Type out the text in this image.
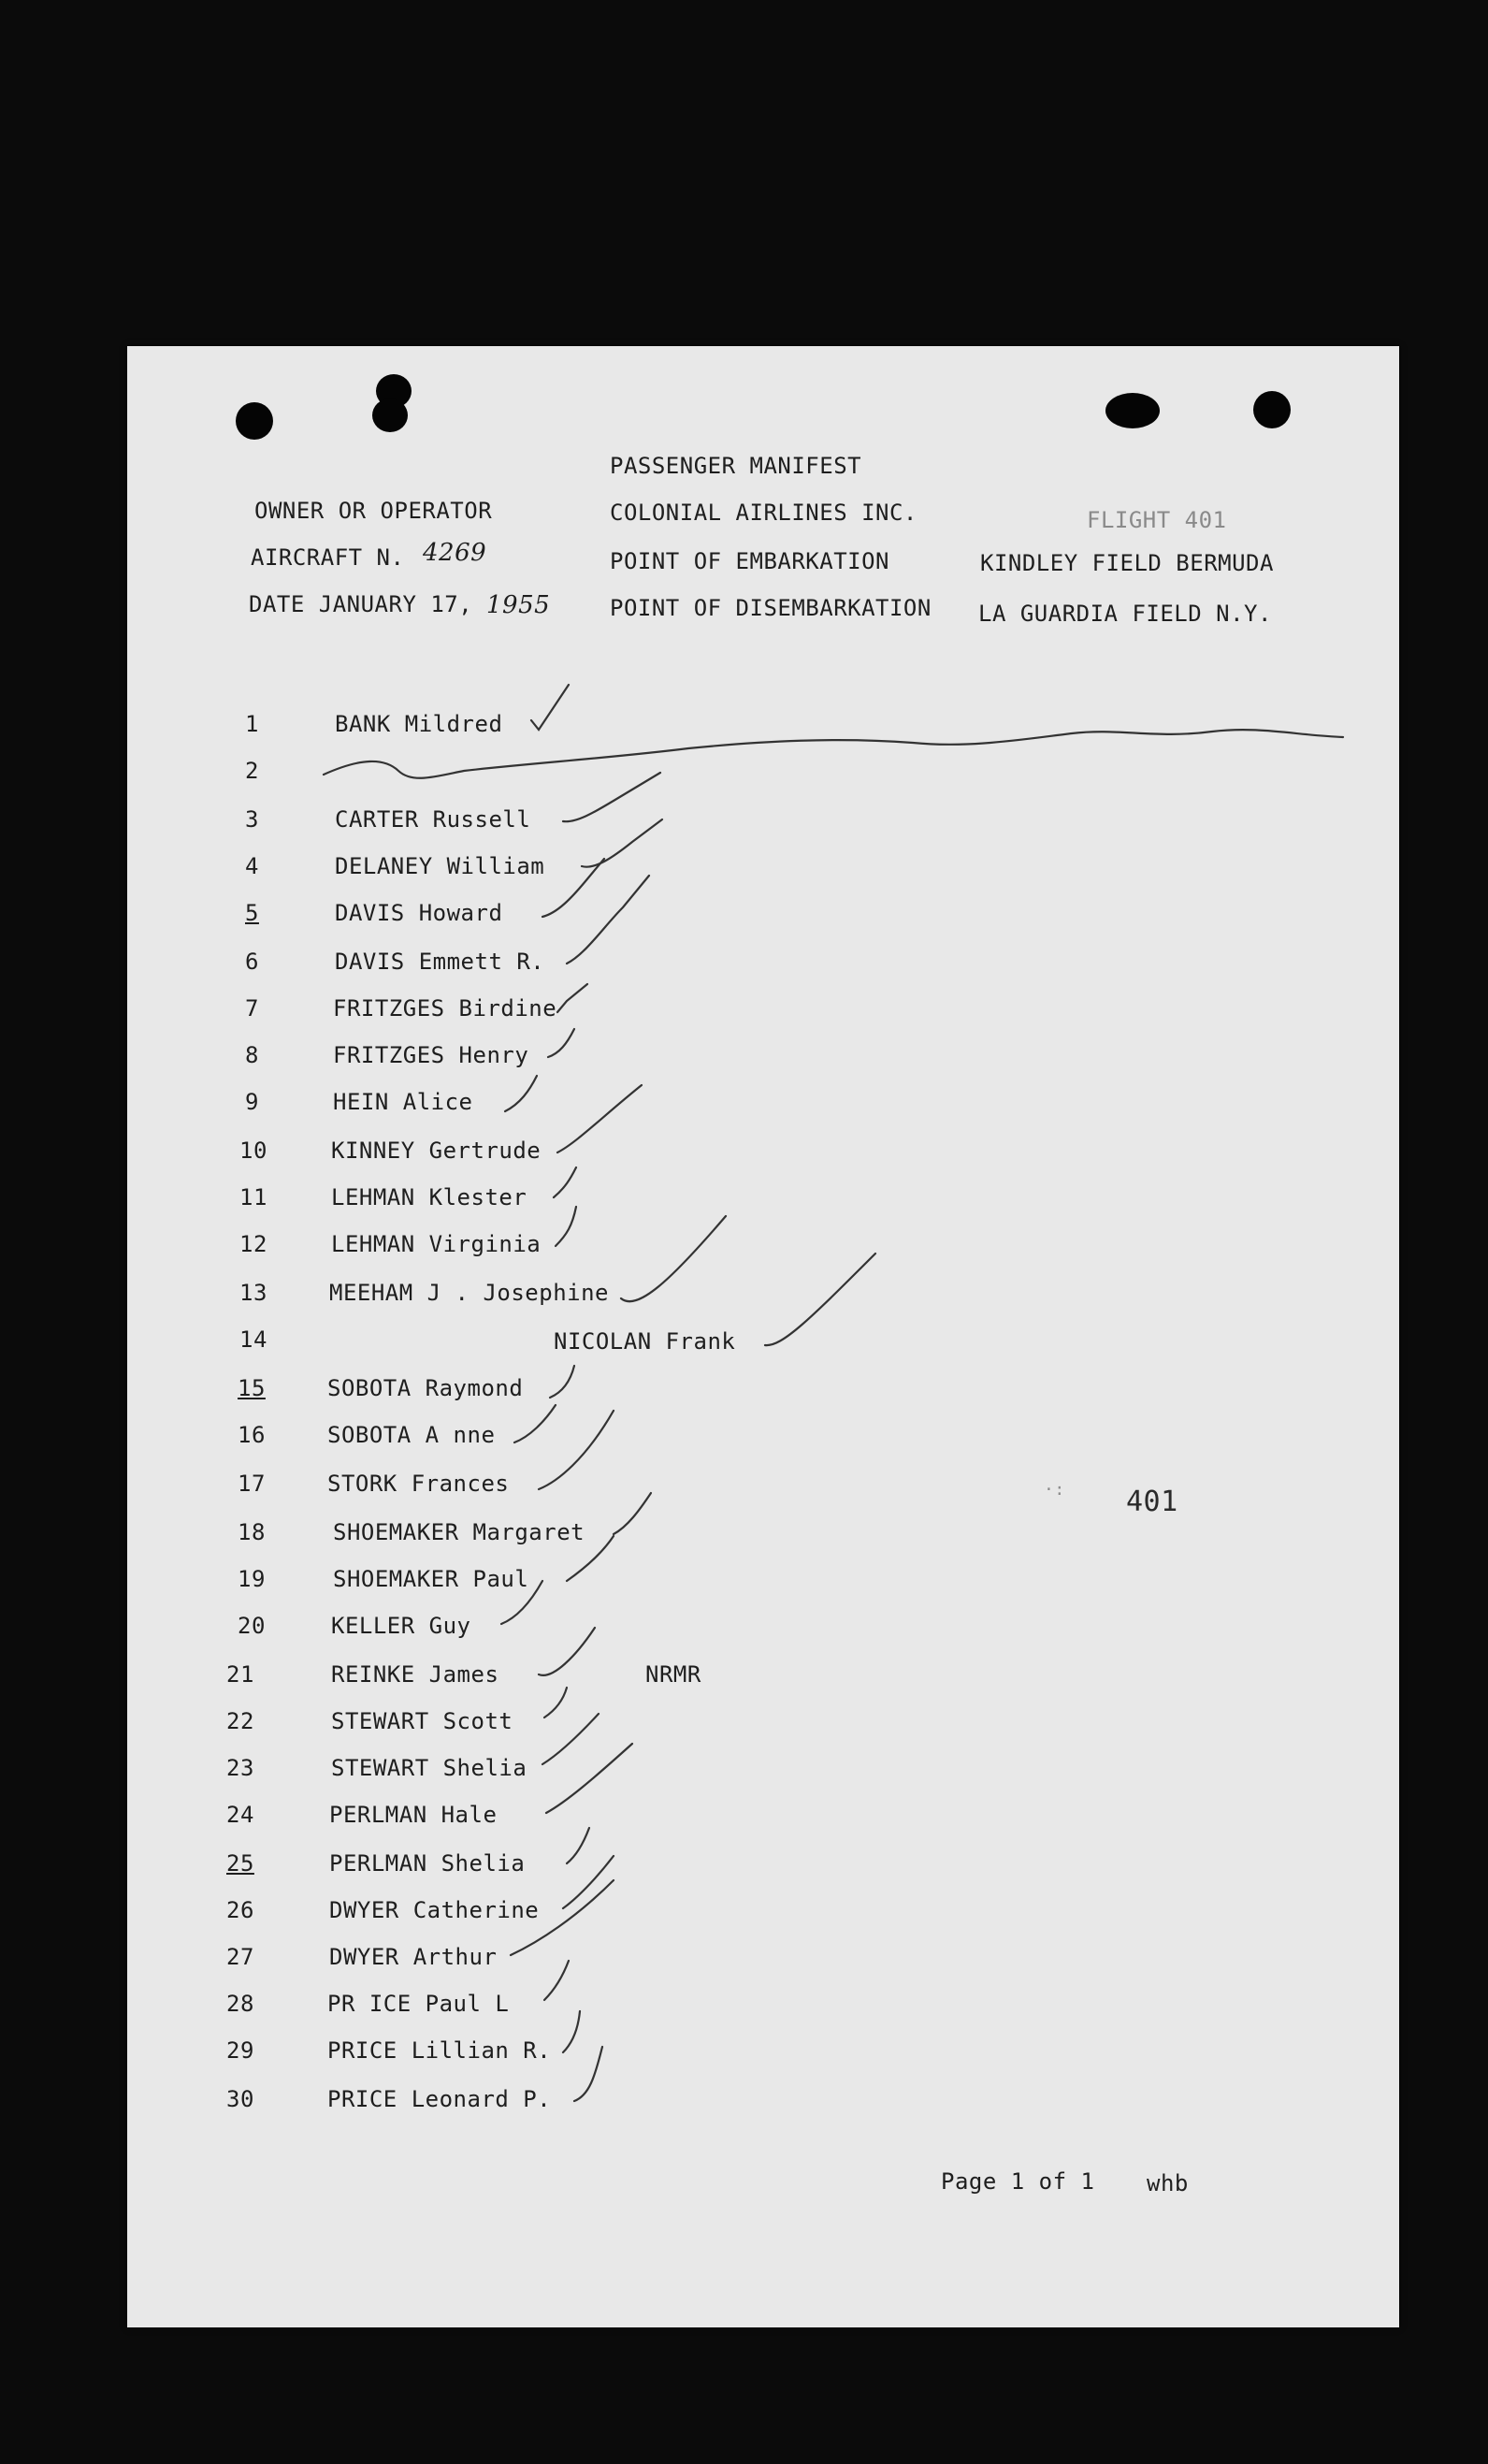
PASSENGER MANIFEST
OWNER OR OPERATOR	COLONIAL AIRLINES INC.	FLIGHT 401
AIRCRAFT N. 4269	POINT OF EMBARKATION	KINDLEY FIELD BERMUDA
DATE JANUARY 17, 1955	POINT OF DISEMBARKATION LA GUARDIA FIELD N.Y.
1	BANK Mildred
2
3	CARTER Russell
4	DELANEY William
5	DAVIS Howard
6	DAVIS Emmett R.
7	FRITZGES Birdine
8	FRITZGES Henry
9	HEIN Alice
10	KINNEY Gertrude
11	LEHMAN Klester
12	LEHMAN Virginia
13	MEEHAM J . Josephine
14	NICOLAN Frank
15	SOBOTA Raymond
16	SOBOTA A nne
17	STORK Frances
18	SHOEMAKER Margaret
19	SHOEMAKER Paul
20	KELLER Guy
21	REINKE James
22	STEWART Scott
23	STEWART Shelia
24	PERLMAN Hale
25	PERLMAN Shelia
26	DWYER Catherine
27	DWYER Arthur
28	PR ICE Paul L
29	PRICE Lillian R.
30	PRICE Leonard P.
NRMR
401
·:
Page 1 of 1 whb
